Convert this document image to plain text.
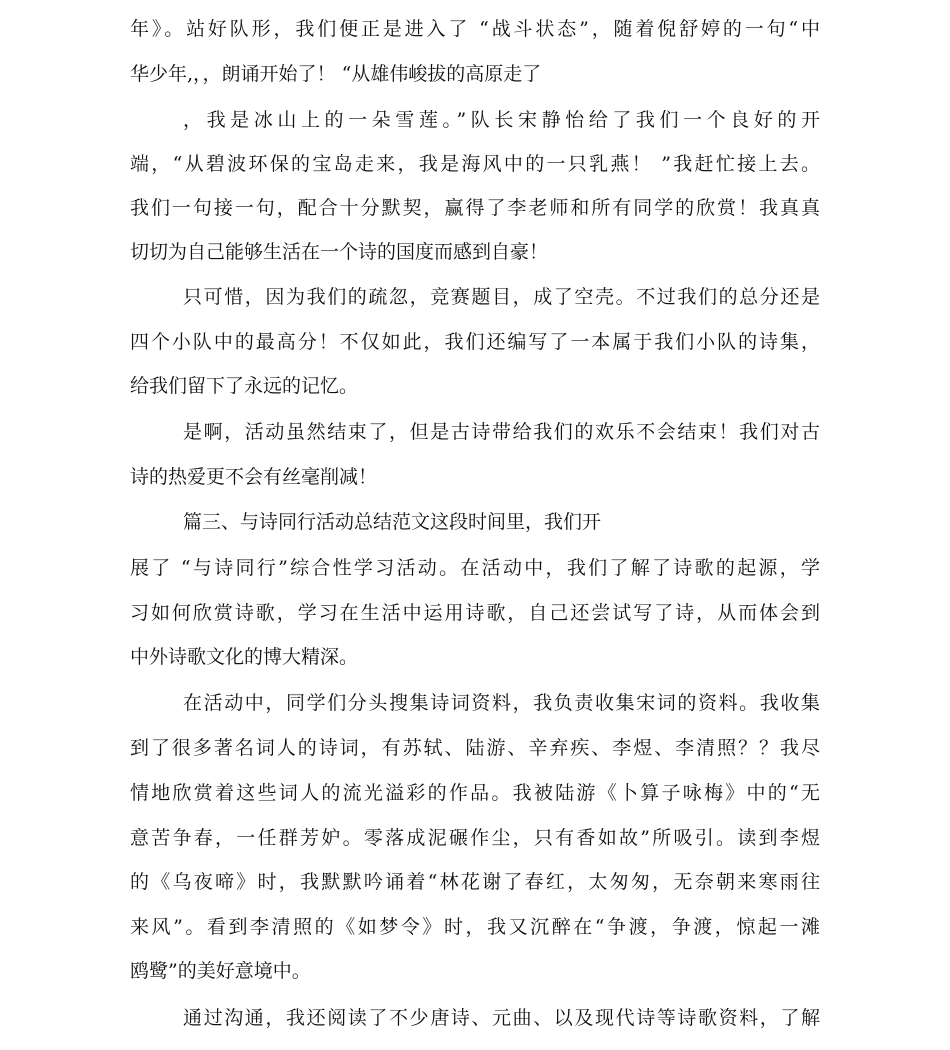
年》。站好队形，我们便正是进入了 “战斗状态”，随着倪舒婷的一句“中
华少年,，，朗诵开始了！ “从雄伟峻拔的高原走了
，我是冰山上的一朵雪莲。”队长宋静怡给了我们一个良好的开
端，“从碧波环保的宝岛走来，我是海风中的一只乳燕！ ”我赶忙接上去。
我们一句接一句，配合十分默契，赢得了李老师和所有同学的欣赏！我真真
切切为自己能够生活在一个诗的国度而感到自豪！
只可惜，因为我们的疏忽，竞赛题目，成了空壳。不过我们的总分还是
四个小队中的最高分！不仅如此，我们还编写了一本属于我们小队的诗集，
给我们留下了永远的记忆。
是啊，活动虽然结束了，但是古诗带给我们的欢乐不会结束！我们对古
诗的热爱更不会有丝毫削减！
篇三、与诗同行活动总结范文这段时间里，我们开
展了 “与诗同行”综合性学习活动。在活动中，我们了解了诗歌的起源，学
习如何欣赏诗歌，学习在生活中运用诗歌，自己还尝试写了诗，从而体会到
中外诗歌文化的博大精深。
在活动中，同学们分头搜集诗词资料，我负责收集宋词的资料。我收集
到了很多著名词人的诗词，有苏轼、陆游、辛弃疾、李煜、李清照？？我尽
情地欣赏着这些词人的流光溢彩的作品。我被陆游《卜算子咏梅》中的“无
意苦争春，一任群芳妒。零落成泥碾作尘，只有香如故”所吸引。读到李煜
的《乌夜啼》时，我默默吟诵着“林花谢了春红，太匆匆，无奈朝来寒雨往
来风”。看到李清照的《如梦令》时，我又沉醉在“争渡，争渡，惊起一滩
鸥鹭”的美好意境中。
通过沟通，我还阅读了不少唐诗、元曲、以及现代诗等诗歌资料，了解
